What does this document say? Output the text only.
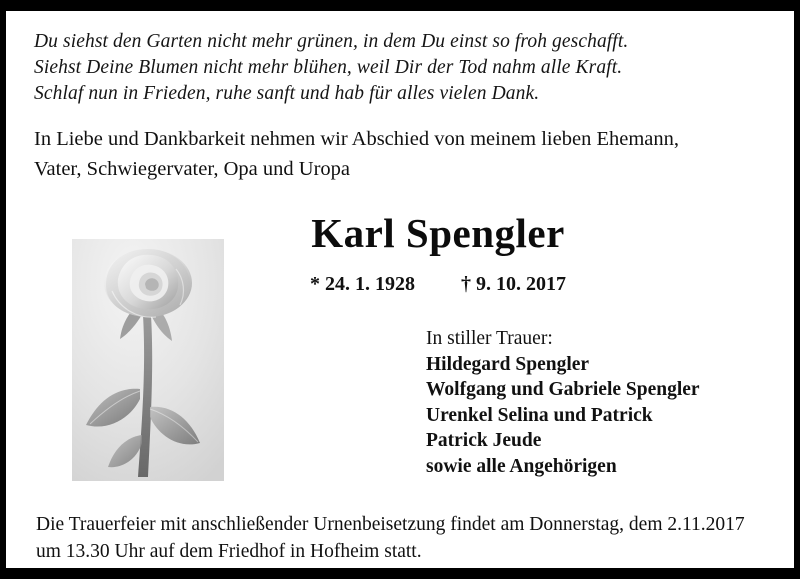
Du siehst den Garten nicht mehr grünen, in dem Du einst so froh geschafft.
Siehst Deine Blumen nicht mehr blühen, weil Dir der Tod nahm alle Kraft.
Schlaf nun in Frieden, ruhe sanft und hab für alles vielen Dank.
In Liebe und Dankbarkeit nehmen wir Abschied von meinem lieben Ehemann,
Vater, Schwiegervater, Opa und Uropa
Karl Spengler
* 24. 1. 1928 † 9. 10. 2017
In stiller Trauer:
Hildegard Spengler
Wolfgang und Gabriele Spengler
Urenkel Selina und Patrick
Patrick Jeude
sowie alle Angehörigen
Die Trauerfeier mit anschließender Urnenbeisetzung findet am Donnerstag, dem 2.11.2017
um 13.30 Uhr auf dem Friedhof in Hofheim statt.
